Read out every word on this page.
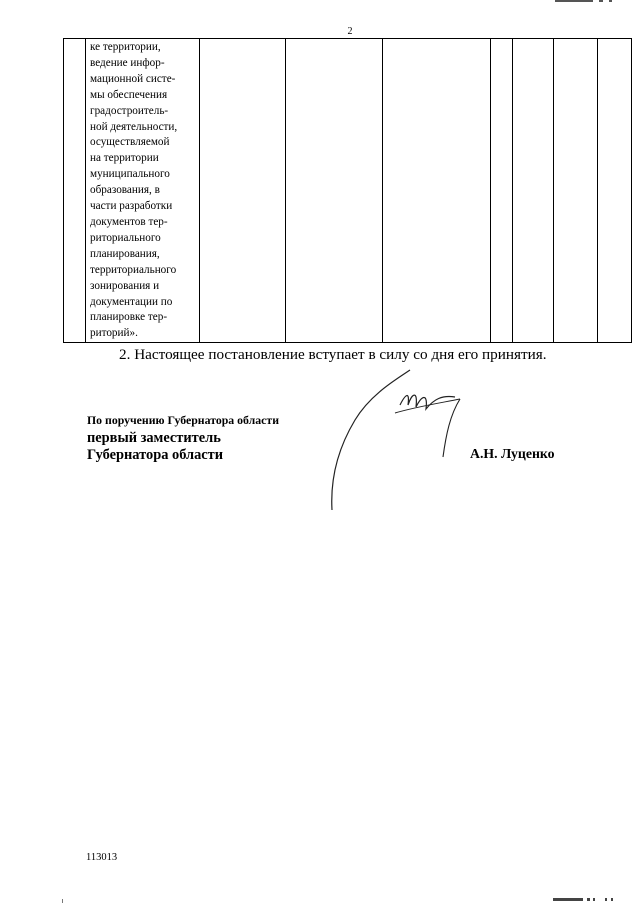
2

ке территории,
ведение инфор-
мационной систе-
мы обеспечения
градостроитель-
ной деятельности,
осуществляемой
на территории
муниципального
образования, в
части разработки
документов тер-
риториального
планирования,
территориального
зонирования и
документации по
планировке тер-
риторий».

2. Настоящее постановление вступает в силу со дня его принятия.
По поручению Губернатора области
первый заместитель
Губернатора области	А.Н. Луценко
113013
